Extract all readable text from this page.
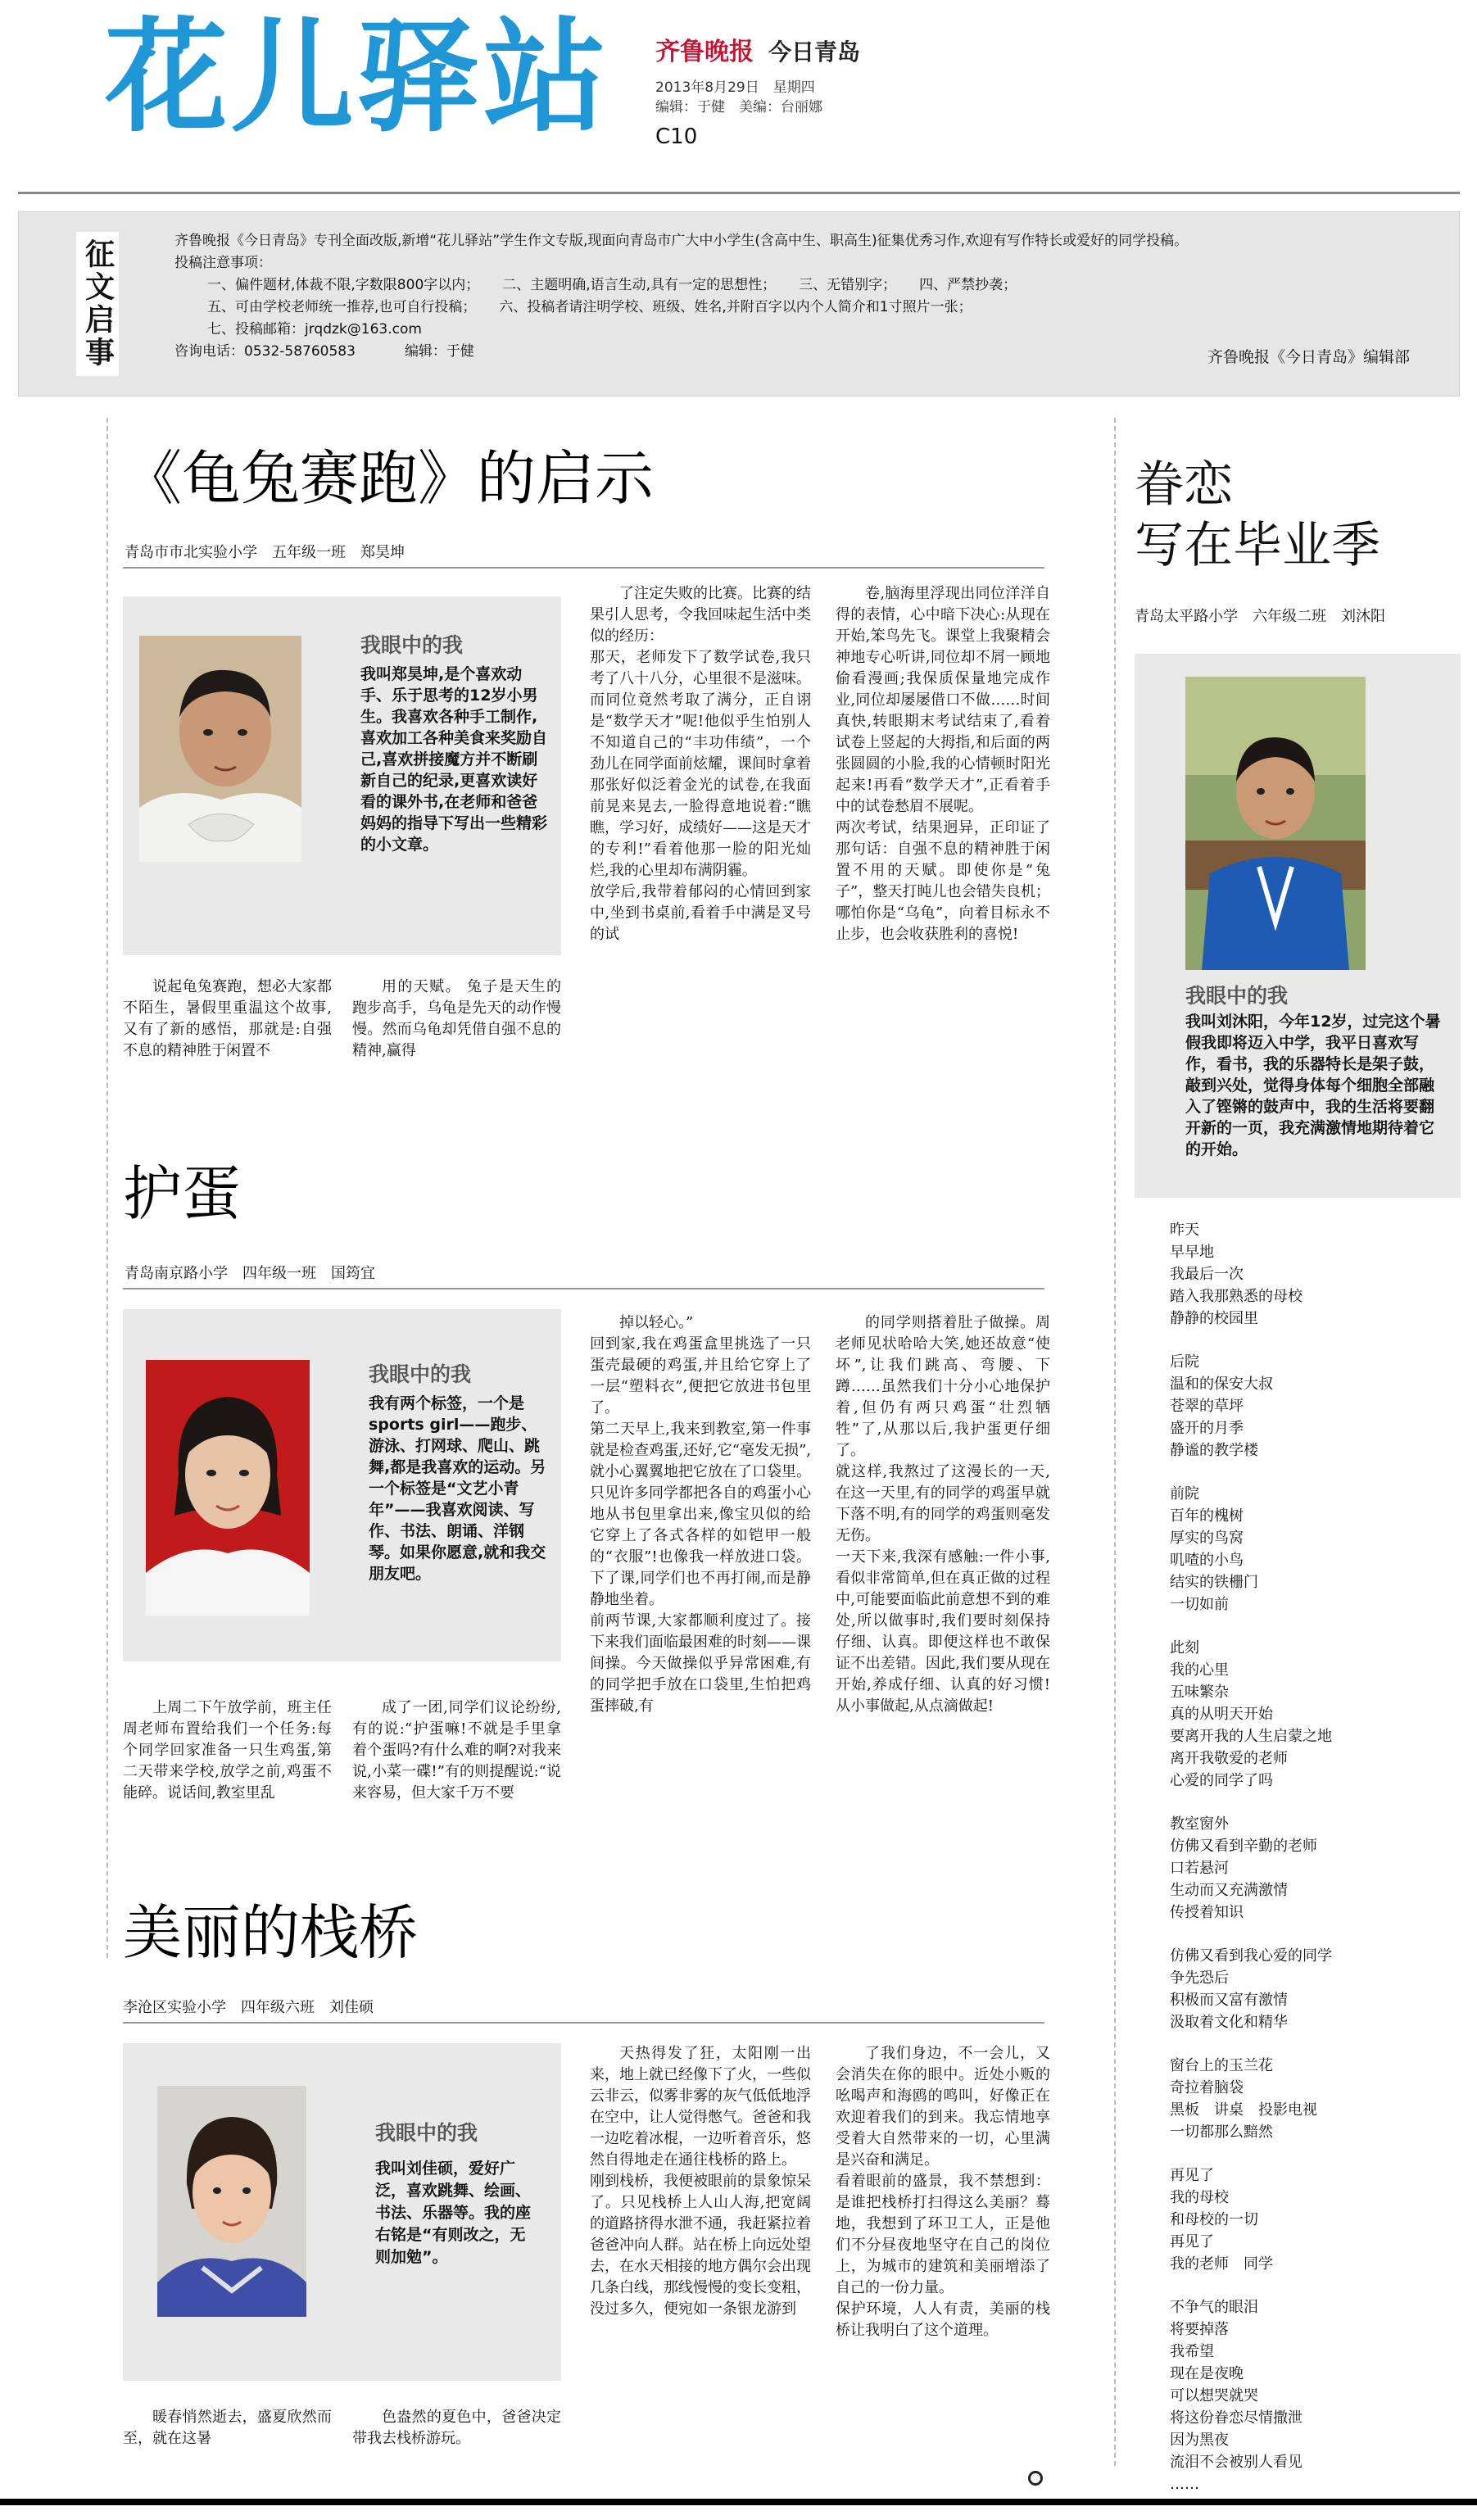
花儿驿站 齐鲁晚报 今日青岛
2013年8月29日　星期四
编辑：于健　美编：台丽娜
C10
征文启事	齐鲁晚报《今日青岛》专刊全面改版,新增“花儿驿站”学生作文专版,现面向青岛市广大中小学生(含高中生、职高生)征集优秀习作,欢迎有写作特长或爱好的同学投稿。

投稿注意事项：

一、偏件题材,体裁不限,字数限800字以内； 二、主题明确,语言生动,具有一定的思想性； 三、无错别字； 四、严禁抄袭；

五、可由学校老师统一推荐,也可自行投稿； 六、投稿者请注明学校、班级、姓名,并附百字以内个人简介和1寸照片一张；

七、投稿邮箱：jrqdzk@163.com

咨询电话：0532-58760583	编辑：于健	齐鲁晚报《今日青岛》编辑部
《龟兔赛跑》的启示
青岛市市北实验小学　五年级一班　郑昊坤
我眼中的我
我叫郑昊坤,是个喜欢动手、乐于思考的12岁小男生。我喜欢各种手工制作,喜欢加工各种美食来奖励自己,喜欢拼接魔方并不断刷新自己的纪录,更喜欢读好看的课外书,在老师和爸爸妈妈的指导下写出一些精彩的小文章。
说起龟兔赛跑，想必大家都不陌生，暑假里重温这个故事,又有了新的感悟，那就是:自强不息的精神胜于闲置不
用的天赋。 兔子是天生的跑步高手，乌龟是先天的动作慢慢。然而乌龟却凭借自强不息的精神,赢得
了注定失败的比赛。比赛的结果引人思考，令我回味起生活中类似的经历：
那天，老师发下了数学试卷,我只考了八十八分，心里很不是滋味。而同位竟然考取了满分，正自诩是“数学天才”呢!他似乎生怕别人不知道自己的“丰功伟绩”，一个劲儿在同学面前炫耀，课间时拿着那张好似泛着金光的试卷,在我面前晃来晃去,一脸得意地说着:“瞧瞧，学习好，成绩好——这是天才的专利!”看着他那一脸的阳光灿烂,我的心里却布满阴霾。
放学后,我带着郁闷的心情回到家中,坐到书桌前,看着手中满是叉号的试
卷,脑海里浮现出同位洋洋自得的表情，心中暗下决心:从现在开始,笨鸟先飞。课堂上我聚精会神地专心听讲,同位却不屑一顾地偷看漫画;我保质保量地完成作业,同位却屡屡借口不做……时间真快,转眼期末考试结束了,看着试卷上竖起的大拇指,和后面的两张圆圆的小脸,我的心情顿时阳光起来!再看“数学天才”,正看着手中的试卷愁眉不展呢。
两次考试，结果迥异，正印证了那句话：自强不息的精神胜于闲置不用的天赋。即使你是“兔子”，整天打盹儿也会错失良机；哪怕你是“乌龟”，向着目标永不止步，也会收获胜利的喜悦!
护蛋
青岛南京路小学　四年级一班　国筠宜
我眼中的我
我有两个标签，一个是sports girl——跑步、游泳、打网球、爬山、跳舞,都是我喜欢的运动。另一个标签是“文艺小青年”——我喜欢阅读、写作、书法、朗诵、洋钢琴。如果你愿意,就和我交朋友吧。
上周二下午放学前，班主任周老师布置给我们一个任务:每个同学回家准备一只生鸡蛋,第二天带来学校,放学之前,鸡蛋不能碎。说话间,教室里乱
成了一团,同学们议论纷纷,有的说:“护蛋嘛!不就是手里拿着个蛋吗?有什么难的啊?对我来说,小菜一碟!”有的则提醒说:“说来容易，但大家千万不要
掉以轻心。”
回到家,我在鸡蛋盒里挑选了一只蛋壳最硬的鸡蛋,并且给它穿上了一层“塑料衣”,便把它放进书包里了。
第二天早上,我来到教室,第一件事就是检查鸡蛋,还好,它“毫发无损”,就小心翼翼地把它放在了口袋里。只见许多同学都把各自的鸡蛋小心地从书包里拿出来,像宝贝似的给它穿上了各式各样的如铠甲一般的“衣服”!也像我一样放进口袋。下了课,同学们也不再打闹,而是静静地坐着。
前两节课,大家都顺利度过了。接下来我们面临最困难的时刻——课间操。今天做操似乎异常困难,有的同学把手放在口袋里,生怕把鸡蛋摔破,有
的同学则搭着肚子做操。周老师见状哈哈大笑,她还故意“使坏”,让我们跳高、弯腰、下蹲……虽然我们十分小心地保护着,但仍有两只鸡蛋“壮烈牺牲”了,从那以后,我护蛋更仔细了。
就这样,我熬过了这漫长的一天,在这一天里,有的同学的鸡蛋早就下落不明,有的同学的鸡蛋则毫发无伤。
一天下来,我深有感触:一件小事,看似非常简单,但在真正做的过程中,可能要面临此前意想不到的难处,所以做事时,我们要时刻保持仔细、认真。即便这样也不敢保证不出差错。因此,我们要从现在开始,养成仔细、认真的好习惯!从小事做起,从点滴做起!
美丽的栈桥
李沧区实验小学　四年级六班　刘佳硕
我眼中的我
我叫刘佳硕，爱好广泛，喜欢跳舞、绘画、书法、乐器等。我的座右铭是“有则改之，无则加勉”。
暖春悄然逝去，盛夏欣然而至，就在这暑
色盎然的夏色中，爸爸决定带我去栈桥游玩。
天热得发了狂，太阳刚一出来，地上就已经像下了火，一些似云非云，似雾非雾的灰气低低地浮在空中，让人觉得憋气。爸爸和我一边吃着冰棍，一边听着音乐，悠然自得地走在通往栈桥的路上。
刚到栈桥，我便被眼前的景象惊呆了。只见栈桥上人山人海,把宽阔的道路挤得水泄不通，我赶紧拉着爸爸冲向人群。站在桥上向远处望去，在水天相接的地方偶尔会出现几条白线，那线慢慢的变长变粗，没过多久，便宛如一条银龙游到
了我们身边，不一会儿，又会消失在你的眼中。近处小贩的吆喝声和海鸥的鸣叫，好像正在欢迎着我们的到来。我忘情地享受着大自然带来的一切，心里满是兴奋和满足。
看着眼前的盛景，我不禁想到：是谁把栈桥打扫得这么美丽？蓦地，我想到了环卫工人，正是他们不分昼夜地坚守在自己的岗位上，为城市的建筑和美丽增添了自己的一份力量。
保护环境，人人有责，美丽的栈桥让我明白了这个道理。
眷恋
写在毕业季
青岛太平路小学　六年级二班　刘沐阳
我眼中的我
我叫刘沐阳，今年12岁，过完这个暑假我即将迈入中学，我平日喜欢写作，看书，我的乐器特长是架子鼓，敲到兴处，觉得身体每个细胞全部融入了铿锵的鼓声中，我的生活将要翻开新的一页，我充满激情地期待着它的开始。
昨天
早早地
我最后一次
踏入我那熟悉的母校
静静的校园里
后院
温和的保安大叔
苍翠的草坪
盛开的月季
静谧的教学楼
前院
百年的槐树
厚实的鸟窝
叽喳的小鸟
结实的铁栅门
一切如前
此刻
我的心里
五味繁杂
真的从明天开始
要离开我的人生启蒙之地
离开我敬爱的老师
心爱的同学了吗
教室窗外
仿佛又看到辛勤的老师
口若悬河
生动而又充满激情
传授着知识
仿佛又看到我心爱的同学
争先恐后
积极而又富有激情
汲取着文化和精华
窗台上的玉兰花
奇拉着脑袋
黑板　讲桌　投影电视
一切都那么黯然
再见了
我的母校
和母校的一切
再见了
我的老师　同学
不争气的眼泪
将要掉落
我希望
现在是夜晚
可以想哭就哭
将这份眷恋尽情撒泄
因为黑夜
流泪不会被别人看见
……
